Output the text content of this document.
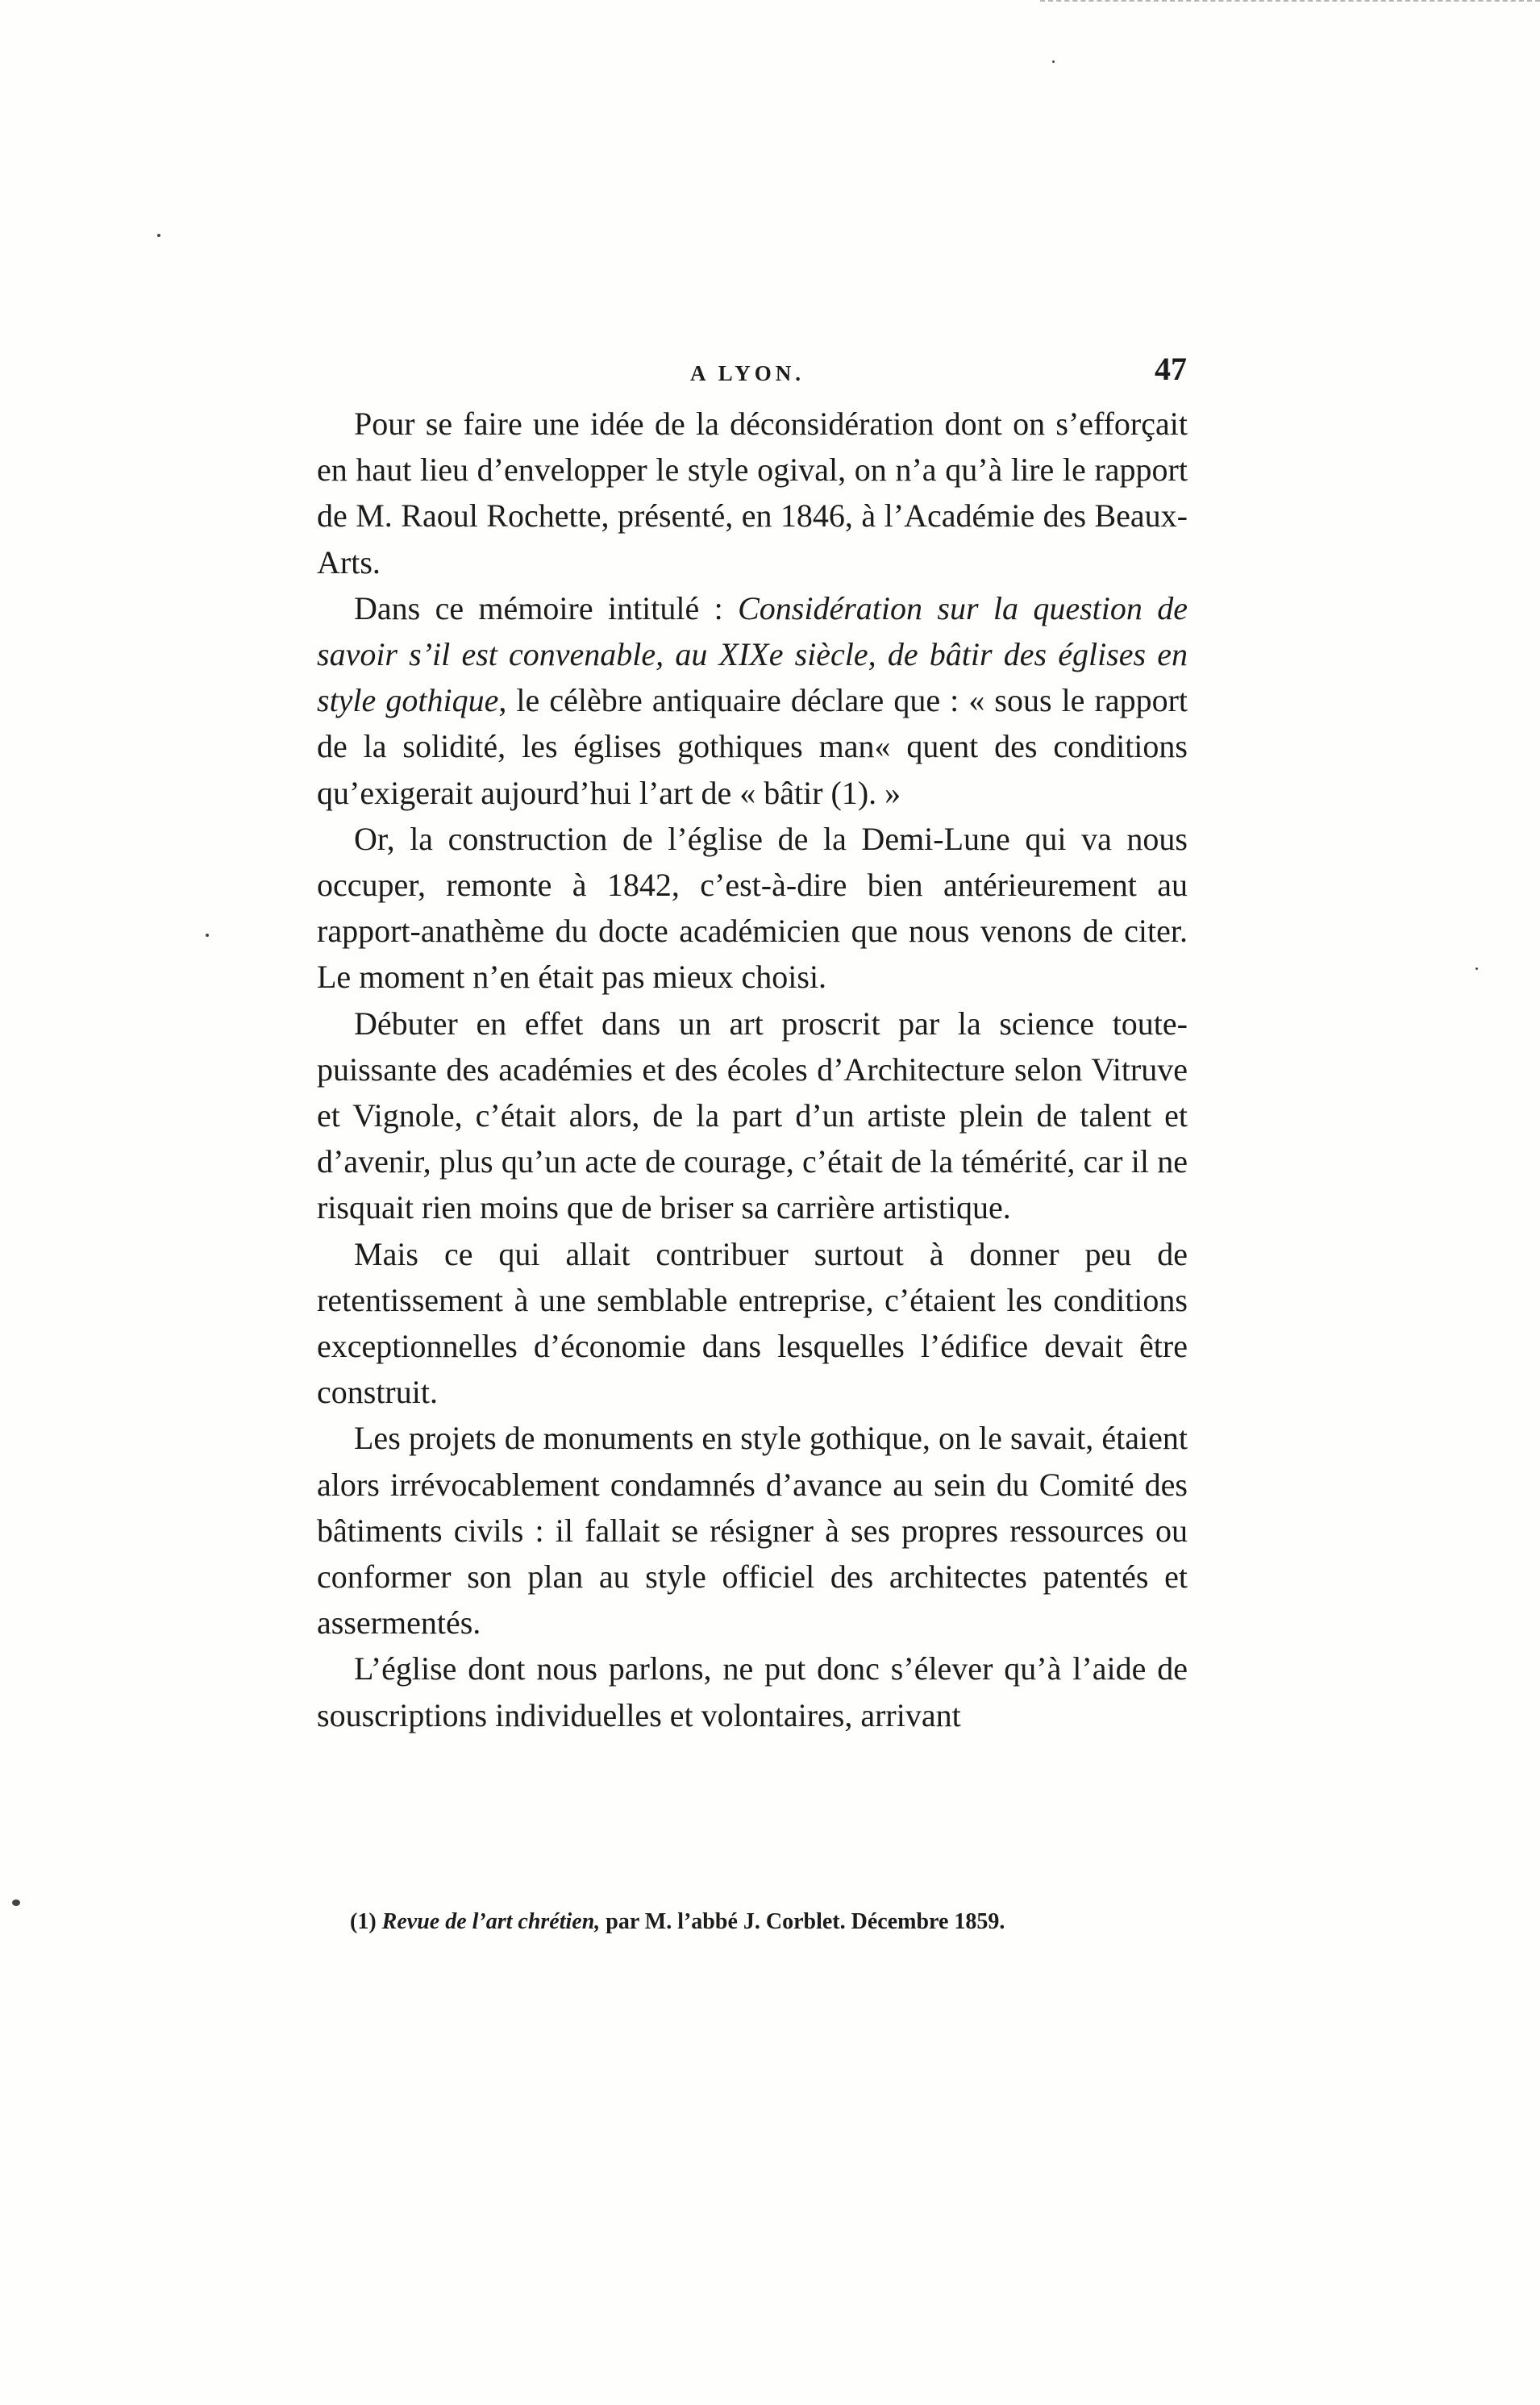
A LYON.	47

Pour se faire une idée de la déconsidération dont on s’efforçait en haut lieu d’envelopper le style ogival, on n’a qu’à lire le rapport de M. Raoul Rochette, présenté, en 1846, à l’Académie des Beaux-Arts.

Dans ce mémoire intitulé : Considération sur la question de savoir s’il est convenable, au XIXe siècle, de bâtir des églises en style gothique, le célèbre antiquaire déclare que : « sous le rapport de la solidité, les églises gothiques man« quent des conditions qu’exigerait aujourd’hui l’art de « bâtir (1). »

Or, la construction de l’église de la Demi-Lune qui va nous occuper, remonte à 1842, c’est-à-dire bien antérieurement au rapport-anathème du docte académicien que nous venons de citer. Le moment n’en était pas mieux choisi.

Débuter en effet dans un art proscrit par la science toute-puissante des académies et des écoles d’Architecture selon Vitruve et Vignole, c’était alors, de la part d’un artiste plein de talent et d’avenir, plus qu’un acte de courage, c’était de la témérité, car il ne risquait rien moins que de briser sa carrière artistique.

Mais ce qui allait contribuer surtout à donner peu de retentissement à une semblable entreprise, c’étaient les conditions exceptionnelles d’économie dans lesquelles l’édifice devait être construit.

Les projets de monuments en style gothique, on le savait, étaient alors irrévocablement condamnés d’avance au sein du Comité des bâtiments civils : il fallait se résigner à ses propres ressources ou conformer son plan au style officiel des architectes patentés et assermentés.

L’église dont nous parlons, ne put donc s’élever qu’à l’aide de souscriptions individuelles et volontaires, arrivant

(1) Revue de l’art chrétien, par M. l’abbé J. Corblet. Décembre 1859.
